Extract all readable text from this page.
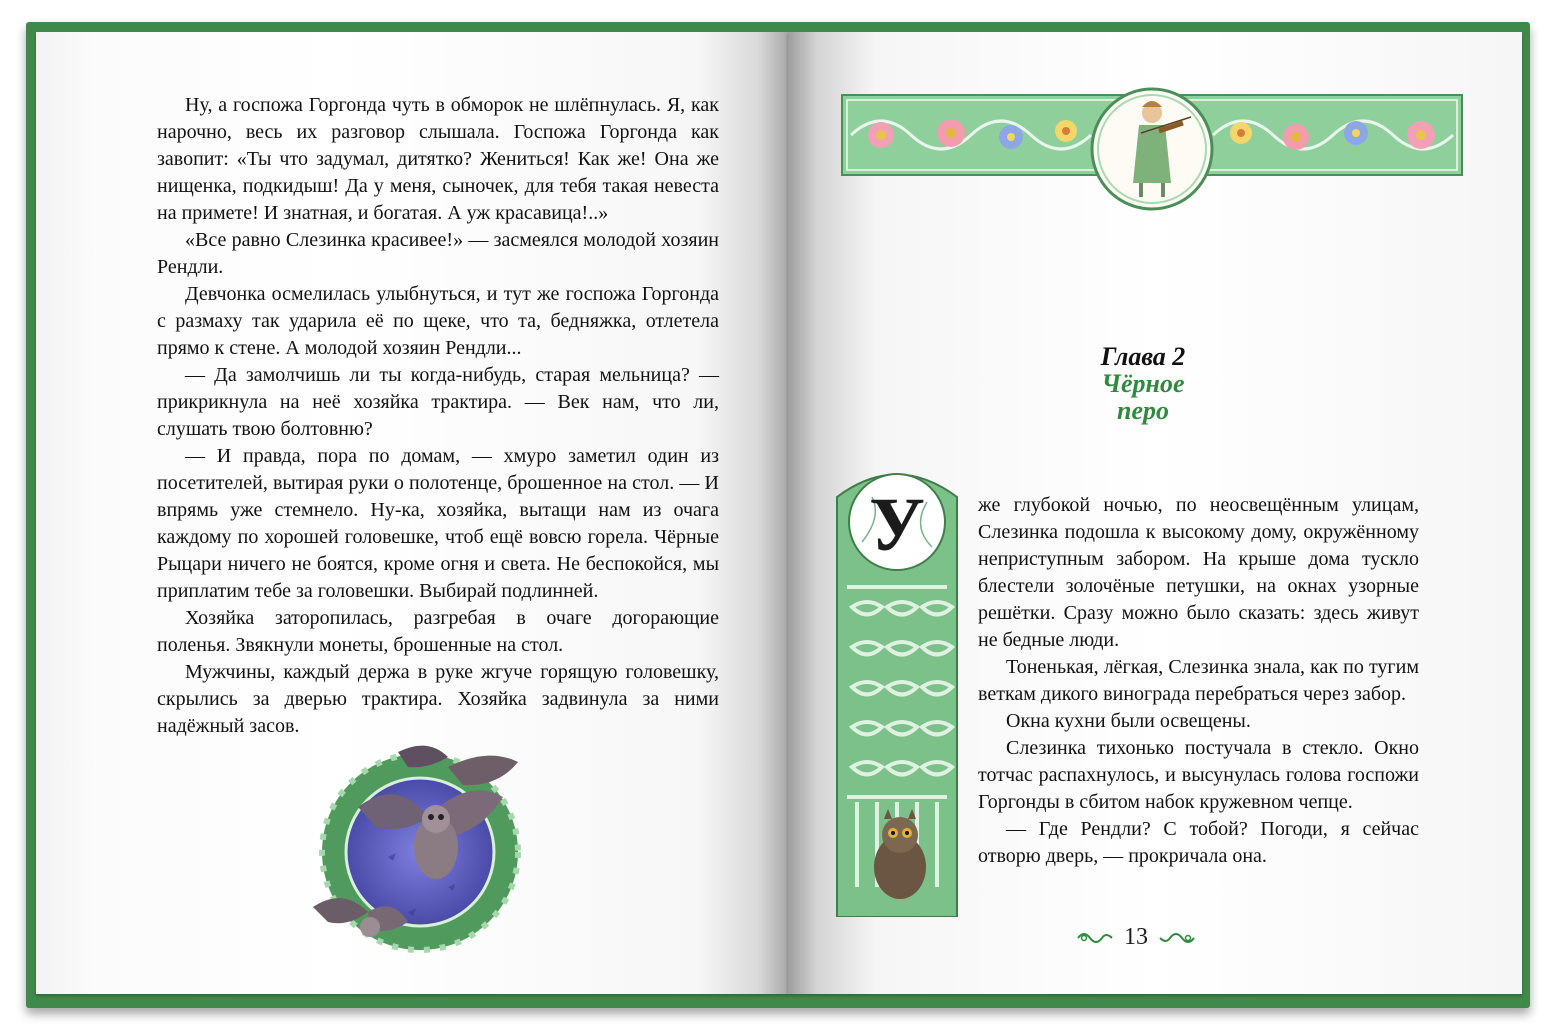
Ну, а госпожа Горгонда чуть в обморок не шлёпнулась. Я, как нарочно, весь их разговор слышала. Госпожа Горгонда как завопит: «Ты что задумал, дитятко? Жениться! Как же! Она же нищенка, подкидыш! Да у меня, сыночек, для тебя такая невеста на примете! И знатная, и богатая. А уж красавица!..»

«Все равно Слезинка красивее!» — засмеялся молодой хозяин Рендли.

Девчонка осмелилась улыбнуться, и тут же госпожа Горгонда с размаху так ударила её по щеке, что та, бедняжка, отлетела прямо к стене. А молодой хозяин Рендли...

— Да замолчишь ли ты когда-нибудь, старая мельница? — прикрикнула на неё хозяйка трактира. — Век нам, что ли, слушать твою болтовню?

— И правда, пора по домам, — хмуро заметил один из посетителей, вытирая руки о полотенце, брошенное на стол. — И впрямь уже стемнело. Ну-ка, хозяйка, вытащи нам из очага каждому по хорошей головешке, чтоб ещё вовсю горела. Чёрные Рыцари ничего не боятся, кроме огня и света. Не беспокойся, мы приплатим тебе за головешки. Выбирай подлинней.

Хозяйка заторопилась, разгребая в очаге догорающие поленья. Звякнули монеты, брошенные на стол.

Мужчины, каждый держа в руке жгуче горящую головешку, скрылись за дверью трактира. Хозяйка задвинула за ними надёжный засов.

Глава 2
Чёрное перо
У	же глубокой ночью, по неосвещённым улицам, Слезинка подошла к высокому дому, окружённому неприступным забором. На крыше дома тускло блестели золочёные петушки, на окнах узорные решётки. Сразу можно было сказать: здесь живут не бедные люди.

Тоненькая, лёгкая, Слезинка знала, как по тугим веткам дикого винограда перебраться через забор.

Окна кухни были освещены.

Слезинка тихонько постучала в стекло. Окно тотчас распахнулось, и высунулась голова госпожи Горгонды в сбитом набок кружевном чепце.

— Где Рендли? С тобой? Погоди, я сейчас отворю дверь, — прокричала она.

13
